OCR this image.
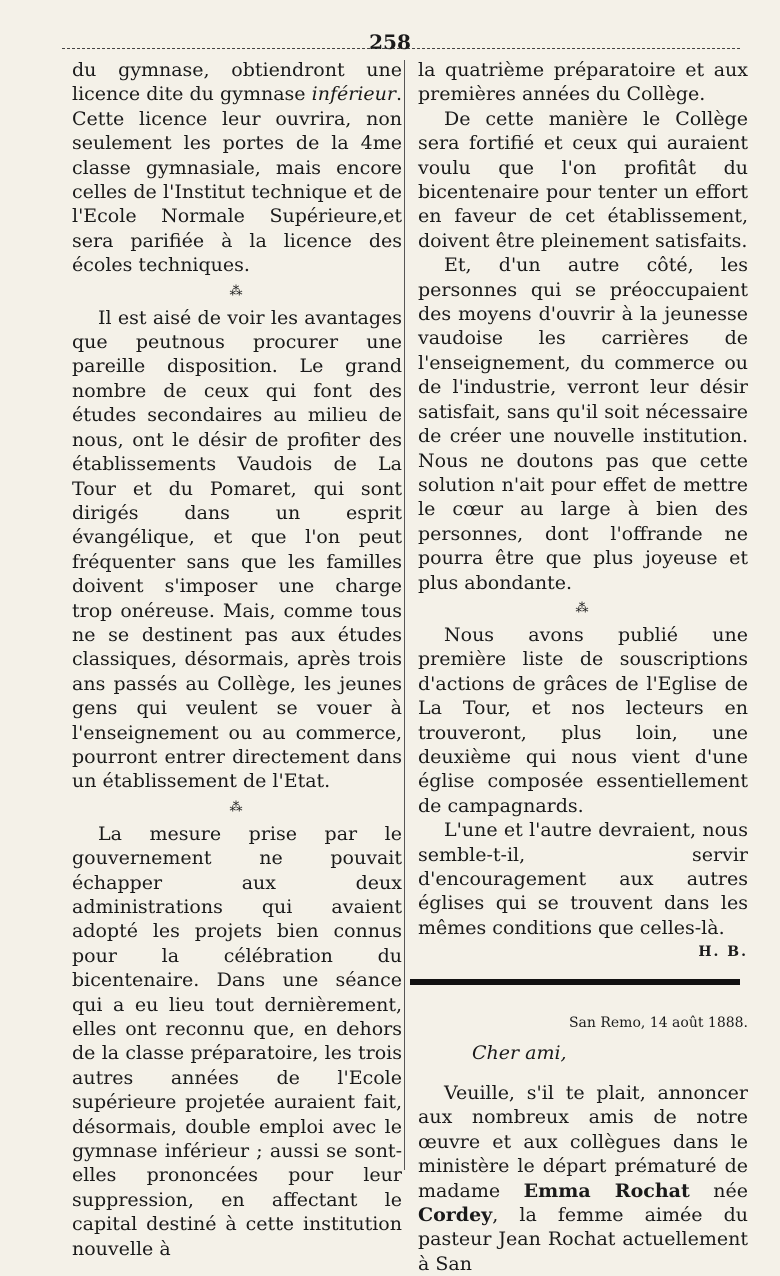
258

du gymnase, obtiendront une licence dite du gymnase inférieur. Cette licence leur ouvrira, non seulement les portes de la 4me classe gymnasiale, mais encore celles de l'Institut technique et de l'Ecole Normale Supérieure,et sera parifiée à la licence des écoles techniques.

⁂

Il est aisé de voir les avantages que peutnous procurer une pareille disposition. Le grand nombre de ceux qui font des études secondaires au milieu de nous, ont le désir de profiter des établissements Vaudois de La Tour et du Pomaret, qui sont dirigés dans un esprit évangélique, et que l'on peut fréquenter sans que les familles doivent s'imposer une charge trop onéreuse. Mais, comme tous ne se destinent pas aux études classiques, désormais, après trois ans passés au Collège, les jeunes gens qui veulent se vouer à l'enseignement ou au commerce, pourront entrer directement dans un établissement de l'Etat.

⁂

La mesure prise par le gouvernement ne pouvait échapper aux deux administrations qui avaient adopté les projets bien connus pour la célébration du bicentenaire. Dans une séance qui a eu lieu tout dernièrement, elles ont reconnu que, en dehors de la classe préparatoire, les trois autres années de l'Ecole supérieure projetée auraient fait, désormais, double emploi avec le gymnase inférieur ; aussi se sont-elles prononcées pour leur suppression, en affectant le capital destiné à cette institution nouvelle à

la quatrième préparatoire et aux premières années du Collège.

De cette manière le Collège sera fortifié et ceux qui auraient voulu que l'on profitât du bicentenaire pour tenter un effort en faveur de cet établissement, doivent être pleinement satisfaits.

Et, d'un autre côté, les personnes qui se préoccupaient des moyens d'ouvrir à la jeunesse vaudoise les carrières de l'enseignement, du commerce ou de l'industrie, verront leur désir satisfait, sans qu'il soit nécessaire de créer une nouvelle institution. Nous ne doutons pas que cette solution n'ait pour effet de mettre le cœur au large à bien des personnes, dont l'offrande ne pourra être que plus joyeuse et plus abondante.

⁂

Nous avons publié une première liste de souscriptions d'actions de grâces de l'Eglise de La Tour, et nos lecteurs en trouveront, plus loin, une deuxième qui nous vient d'une église composée essentiellement de campagnards.

L'une et l'autre devraient, nous semble-t-il, servir d'encouragement aux autres églises qui se trouvent dans les mêmes conditions que celles-là.

H. B.
San Remo, 14 août 1888.
Cher ami,

Veuille, s'il te plait, annoncer aux nombreux amis de notre œuvre et aux collègues dans le ministère le départ prématuré de madame Emma Rochat née Cordey, la femme aimée du pasteur Jean Rochat actuellement à San
